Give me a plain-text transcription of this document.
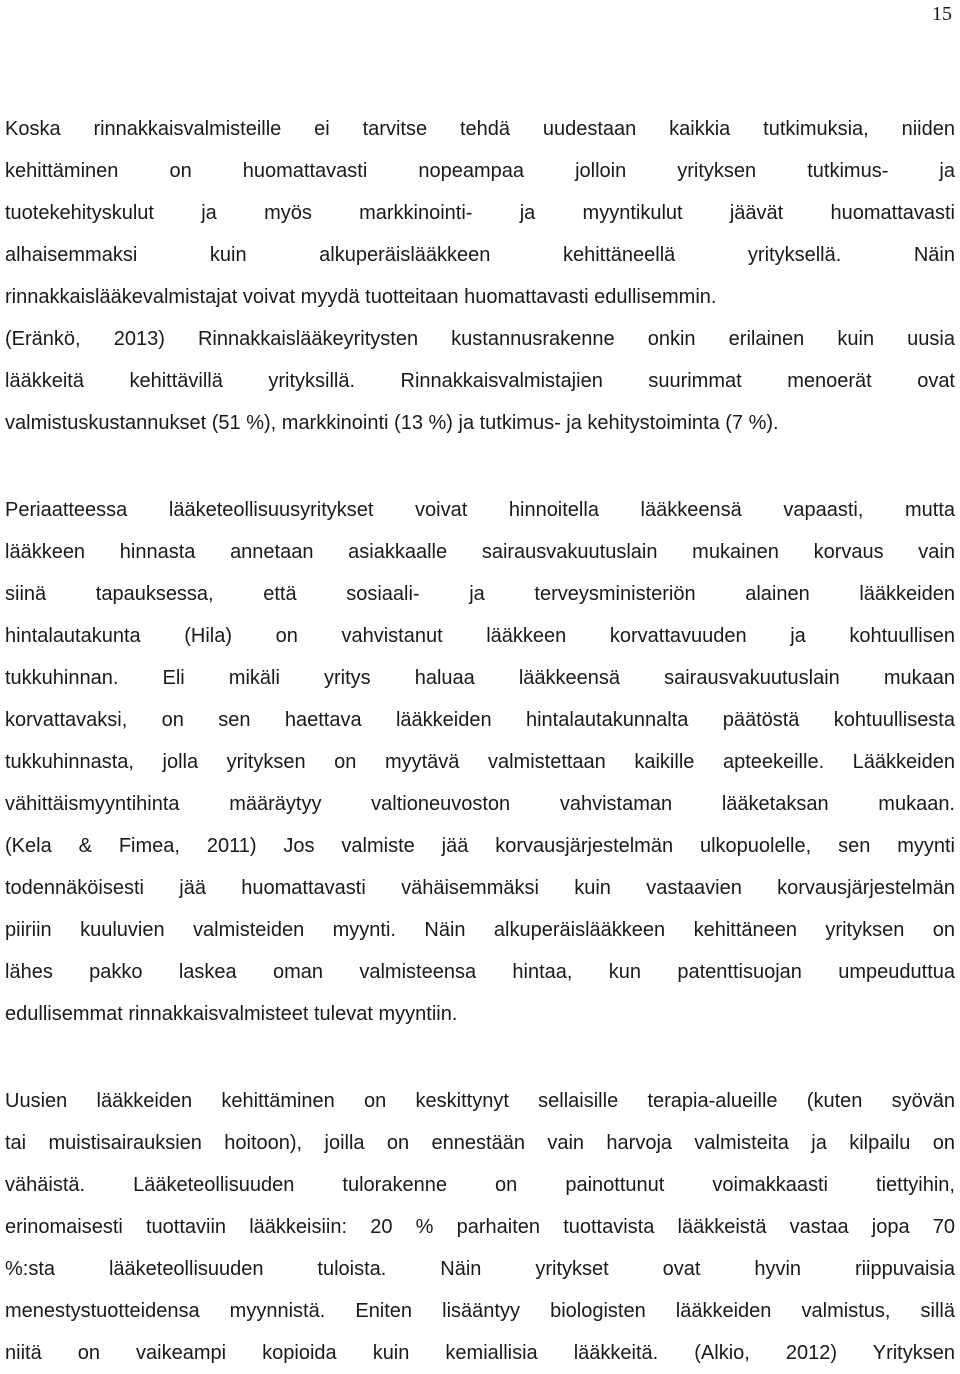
15
Koska rinnakkaisvalmisteille ei tarvitse tehdä uudestaan kaikkia tutkimuksia, niiden
kehittäminen on huomattavasti nopeampaa jolloin yrityksen tutkimus- ja
tuotekehityskulut ja myös markkinointi- ja myyntikulut jäävät huomattavasti
alhaisemmaksi kuin alkuperäislääkkeen kehittäneellä yrityksellä. Näin
rinnakkaislääkevalmistajat voivat myydä tuotteitaan huomattavasti edullisemmin.
(Eränkö, 2013) Rinnakkaislääkeyritysten kustannusrakenne onkin erilainen kuin uusia
lääkkeitä kehittävillä yrityksillä. Rinnakkaisvalmistajien suurimmat menoerät ovat
valmistuskustannukset (51 %), markkinointi (13 %) ja tutkimus- ja kehitystoiminta (7 %).
Periaatteessa lääketeollisuusyritykset voivat hinnoitella lääkkeensä vapaasti, mutta
lääkkeen hinnasta annetaan asiakkaalle sairausvakuutuslain mukainen korvaus vain
siinä tapauksessa, että sosiaali- ja terveysministeriön alainen lääkkeiden
hintalautakunta (Hila) on vahvistanut lääkkeen korvattavuuden ja kohtuullisen
tukkuhinnan. Eli mikäli yritys haluaa lääkkeensä sairausvakuutuslain mukaan
korvattavaksi, on sen haettava lääkkeiden hintalautakunnalta päätöstä kohtuullisesta
tukkuhinnasta, jolla yrityksen on myytävä valmistettaan kaikille apteekeille. Lääkkeiden
vähittäismyyntihinta määräytyy valtioneuvoston vahvistaman lääketaksan mukaan.
(Kela & Fimea, 2011) Jos valmiste jää korvausjärjestelmän ulkopuolelle, sen myynti
todennäköisesti jää huomattavasti vähäisemmäksi kuin vastaavien korvausjärjestelmän
piiriin kuuluvien valmisteiden myynti. Näin alkuperäislääkkeen kehittäneen yrityksen on
lähes pakko laskea oman valmisteensa hintaa, kun patenttisuojan umpeuduttua
edullisemmat rinnakkaisvalmisteet tulevat myyntiin.
Uusien lääkkeiden kehittäminen on keskittynyt sellaisille terapia-alueille (kuten syövän
tai muistisairauksien hoitoon), joilla on ennestään vain harvoja valmisteita ja kilpailu on
vähäistä. Lääketeollisuuden tulorakenne on painottunut voimakkaasti tiettyihin,
erinomaisesti tuottaviin lääkkeisiin: 20 % parhaiten tuottavista lääkkeistä vastaa jopa 70
%:sta lääketeollisuuden tuloista. Näin yritykset ovat hyvin riippuvaisia
menestystuotteidensa myynnistä. Eniten lisääntyy biologisten lääkkeiden valmistus, sillä
niitä on vaikeampi kopioida kuin kemiallisia lääkkeitä. (Alkio, 2012) Yrityksen
